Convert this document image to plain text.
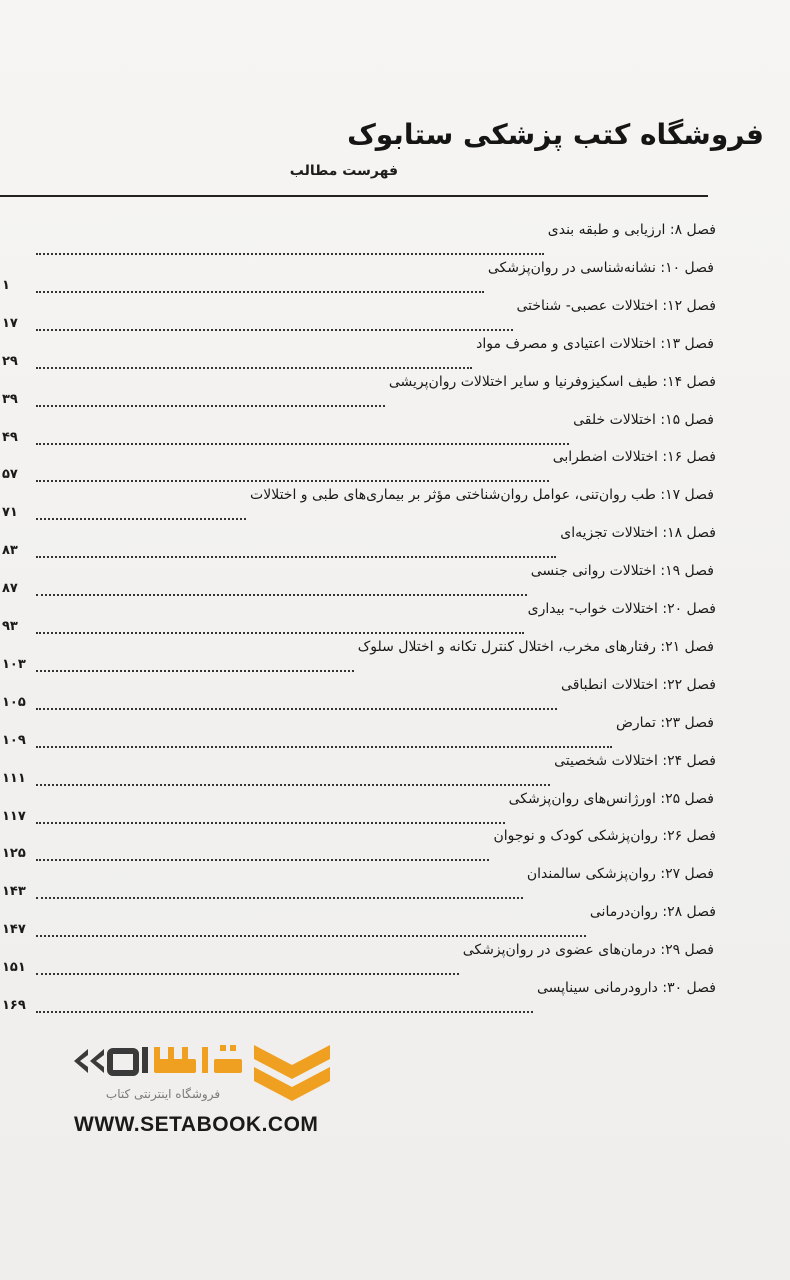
فروشگاه کتب پزشکی ستابوک
فهرست مطالب
فصل ۸: ارزیابی و طبقه بندی
فصل ۱۰: نشانه‌شناسی در روان‌پزشکی
۱
فصل ۱۲: اختلالات عصبی- شناختی
۱۷
فصل ۱۳: اختلالات اعتیادی و مصرف مواد
۲۹
فصل ۱۴: طیف اسکیزوفرنیا و سایر اختلالات روان‌پریشی
۳۹
فصل ۱۵: اختلالات خلقی
۴۹
فصل ۱۶: اختلالات اضطرابی
۵۷
فصل ۱۷: طب روان‌تنی، عوامل روان‌شناختی مؤثر بر بیماری‌های طبی و اختلالات
۷۱
فصل ۱۸: اختلالات تجزیه‌ای
۸۳
فصل ۱۹: اختلالات روانی جنسی
۸۷
فصل ۲۰: اختلالات خواب- بیداری
۹۳
فصل ۲۱: رفتارهای مخرب، اختلال کنترل تکانه و اختلال سلوک
۱۰۳
فصل ۲۲: اختلالات انطباقی
۱۰۵
فصل ۲۳: تمارض
۱۰۹
فصل ۲۴: اختلالات شخصیتی
۱۱۱
فصل ۲۵: اورژانس‌های روان‌پزشکی
۱۱۷
فصل ۲۶: روان‌پزشکی کودک و نوجوان
۱۲۵
فصل ۲۷: روان‌پزشکی سالمندان
۱۴۳
فصل ۲۸: روان‌درمانی
۱۴۷
فصل ۲۹: درمان‌های عضوی در روان‌پزشکی
۱۵۱
فصل ۳۰: دارودرمانی سیناپسی
۱۶۹
فروشگاه اینترنتی کتاب
WWW.SETABOOK.COM
